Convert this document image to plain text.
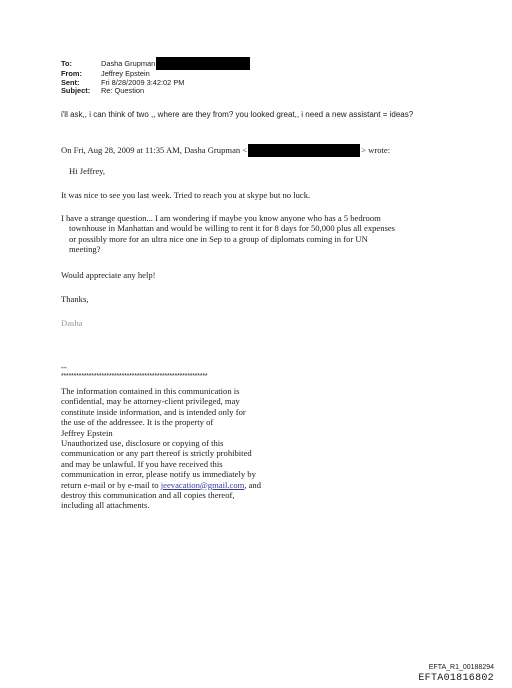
To:	Dasha Grupman
From:	Jeffrey Epstein
Sent:	Fri 8/28/2009 3:42:02 PM
Subject:	Re: Question
i'll ask,, i can think of two ,, where are they from? you looked great,, i need a new assistant = ideas?
On Fri, Aug 28, 2009 at 11:35 AM, Dasha Grupman <	> wrote:
Hi Jeffrey,
It was nice to see you last week. Tried to reach you at skype but no luck.
I have a strange question... I am wondering if maybe you know anyone who has a 5 bedroom
townhouse in Manhattan and would be willing to rent it for 8 days for 50,000 plus all expenses
or possibly more for an ultra nice one in Sep to a group of diplomats coming in for UN
meeting?
Would appreciate any help!
Thanks,
Dasha
--
**********************************************************
The information contained in this communication is
confidential, may be attorney-client privileged, may
constitute inside information, and is intended only for
the use of the addressee. It is the property of
Jeffrey Epstein
Unauthorized use, disclosure or copying of this
communication or any part thereof is strictly prohibited
and may be unlawful. If you have received this
communication in error, please notify us immediately by
return e-mail or by e-mail to jeevacation@gmail.com, and
destroy this communication and all copies thereof,
including all attachments.
EFTA_R1_00188294
EFTA01816802
